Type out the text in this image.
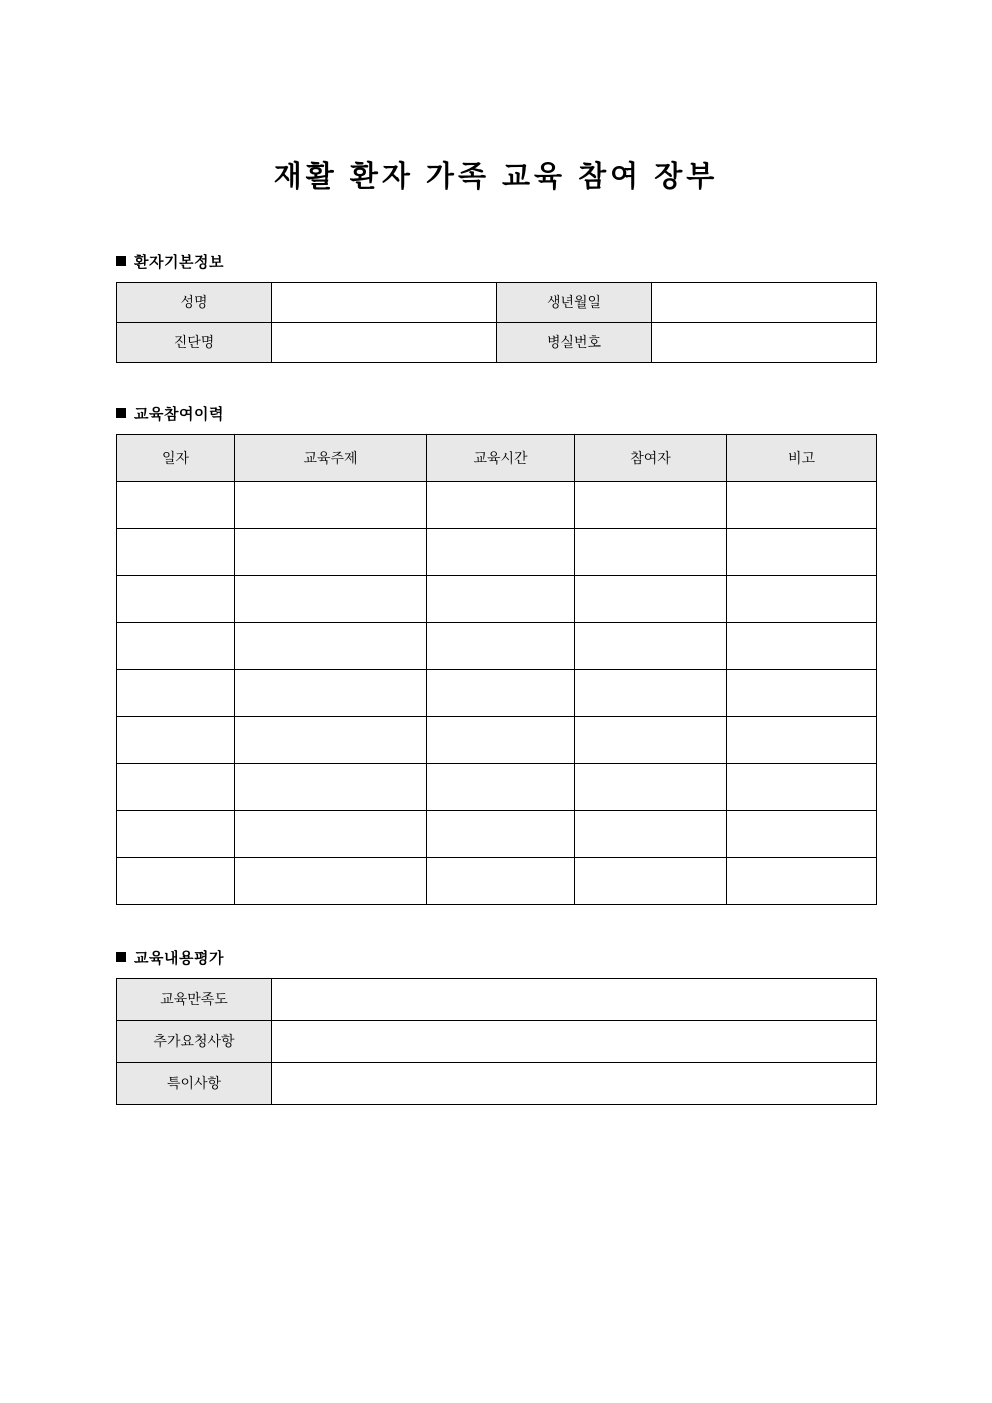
재활 환자 가족 교육 참여 장부
환자기본정보
성명		생년월일	
진단명		병실번호	
교육참여이력
일자	교육주제	교육시간	참여자	비고

교육내용평가
교육만족도	
추가요청사항	
특이사항	
